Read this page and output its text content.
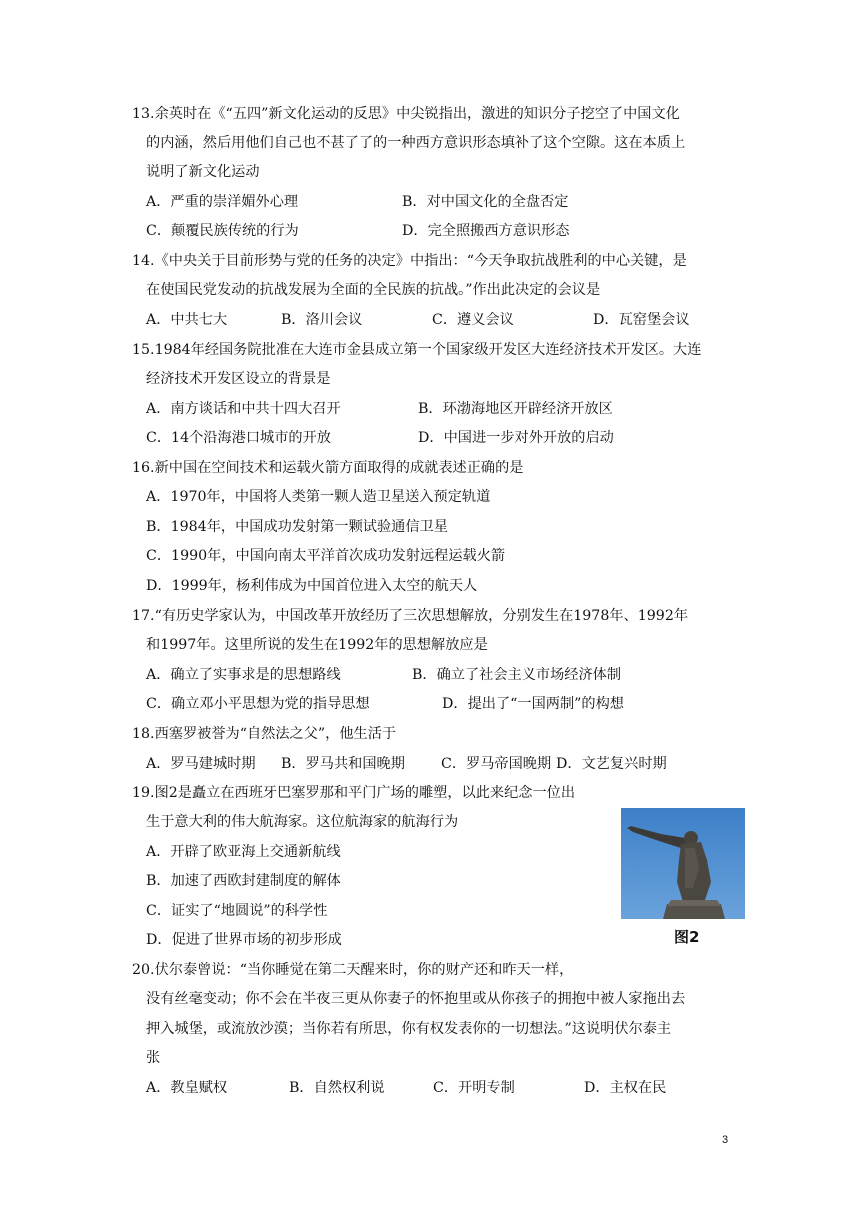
13.余英时在《“五四”新文化运动的反思》中尖锐指出，激进的知识分子挖空了中国文化
的内涵，然后用他们自己也不甚了了的一种西方意识形态填补了这个空隙。这在本质上
说明了新文化运动
A．严重的崇洋媚外心理	B．对中国文化的全盘否定
C．颠覆民族传统的行为	D．完全照搬西方意识形态
14.《中央关于目前形势与党的任务的决定》中指出：“今天争取抗战胜利的中心关键，是
在使国民党发动的抗战发展为全面的全民族的抗战。”作出此决定的会议是
A．中共七大	B．洛川会议	C．遵义会议	D．瓦窑堡会议
15.1984年经国务院批准在大连市金县成立第一个国家级开发区大连经济技术开发区。大连
经济技术开发区设立的背景是
A．南方谈话和中共十四大召开	B．环渤海地区开辟经济开放区
C．14个沿海港口城市的开放	D．中国进一步对外开放的启动
16.新中国在空间技术和运载火箭方面取得的成就表述正确的是
A．1970年，中国将人类第一颗人造卫星送入预定轨道
B．1984年，中国成功发射第一颗试验通信卫星
C．1990年，中国向南太平洋首次成功发射远程运载火箭
D．1999年，杨利伟成为中国首位进入太空的航天人
17.“有历史学家认为，中国改革开放经历了三次思想解放，分别发生在1978年、1992年
和1997年。这里所说的发生在1992年的思想解放应是
A．确立了实事求是的思想路线	B．确立了社会主义市场经济体制
C．确立邓小平思想为党的指导思想	D．提出了“一国两制”的构想
18.西塞罗被誉为“自然法之父”，他生活于
A．罗马建城时期 B．罗马共和国晚期	C．罗马帝国晚期 D．文艺复兴时期
19.图2是矗立在西班牙巴塞罗那和平门广场的雕塑，以此来纪念一位出
生于意大利的伟大航海家。这位航海家的航海行为
A．开辟了欧亚海上交通新航线
B．加速了西欧封建制度的解体
C．证实了“地圆说”的科学性
D．促进了世界市场的初步形成	图2
20.伏尔泰曾说：“当你睡觉在第二天醒来时，你的财产还和昨天一样，
没有丝毫变动；你不会在半夜三更从你妻子的怀抱里或从你孩子的拥抱中被人家拖出去
押入城堡，或流放沙漠；当你若有所思，你有权发表你的一切想法。”这说明伏尔泰主
张
A．教皇赋权	B．自然权利说	C．开明专制	D．主权在民
3
